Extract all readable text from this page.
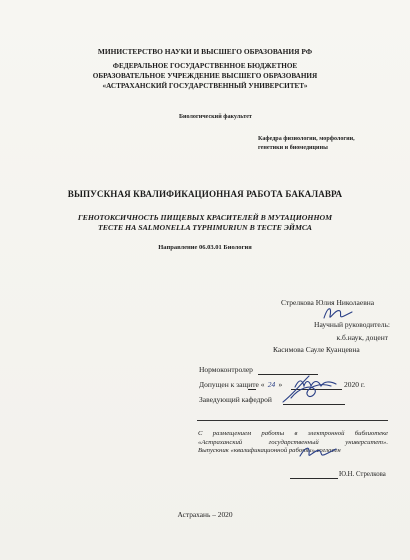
МИНИСТЕРСТВО НАУКИ И ВЫСШЕГО ОБРАЗОВАНИЯ РФ
ФЕДЕРАЛЬНОЕ ГОСУДАРСТВЕННОЕ БЮДЖЕТНОЕ
ОБРАЗОВАТЕЛЬНОЕ УЧРЕЖДЕНИЕ ВЫСШЕГО ОБРАЗОВАНИЯ
«АСТРАХАНСКИЙ ГОСУДАРСТВЕННЫЙ УНИВЕРСИТЕТ»
Биологический факультет
Кафедра физиологии, морфологии,
генетики и биомедицины
ВЫПУСКНАЯ КВАЛИФИКАЦИОННАЯ РАБОТА БАКАЛАВРА
ГЕНОТОКСИЧНОСТЬ ПИЩЕВЫХ КРАСИТЕЛЕЙ В МУТАЦИОННОМ
ТЕСТЕ НА SALMONELLA TYPHIMURIUN В ТЕСТЕ ЭЙМСА
Направление 06.03.01 Биология
Стрелкова Юлия Николаевна
Научный руководитель:
к.б.наук, доцент
Касимова Сауле Куанцевна
Нормоконтролер
Допущен к защите « 24 »	2020 г.
Заведующий кафедрой

С размещением работы в электронной библиотеке

«Астраханский государственный университет».

Выпускник «квалификационной работы» согласен

Ю.Н. Стрелкова
Астрахань – 2020
